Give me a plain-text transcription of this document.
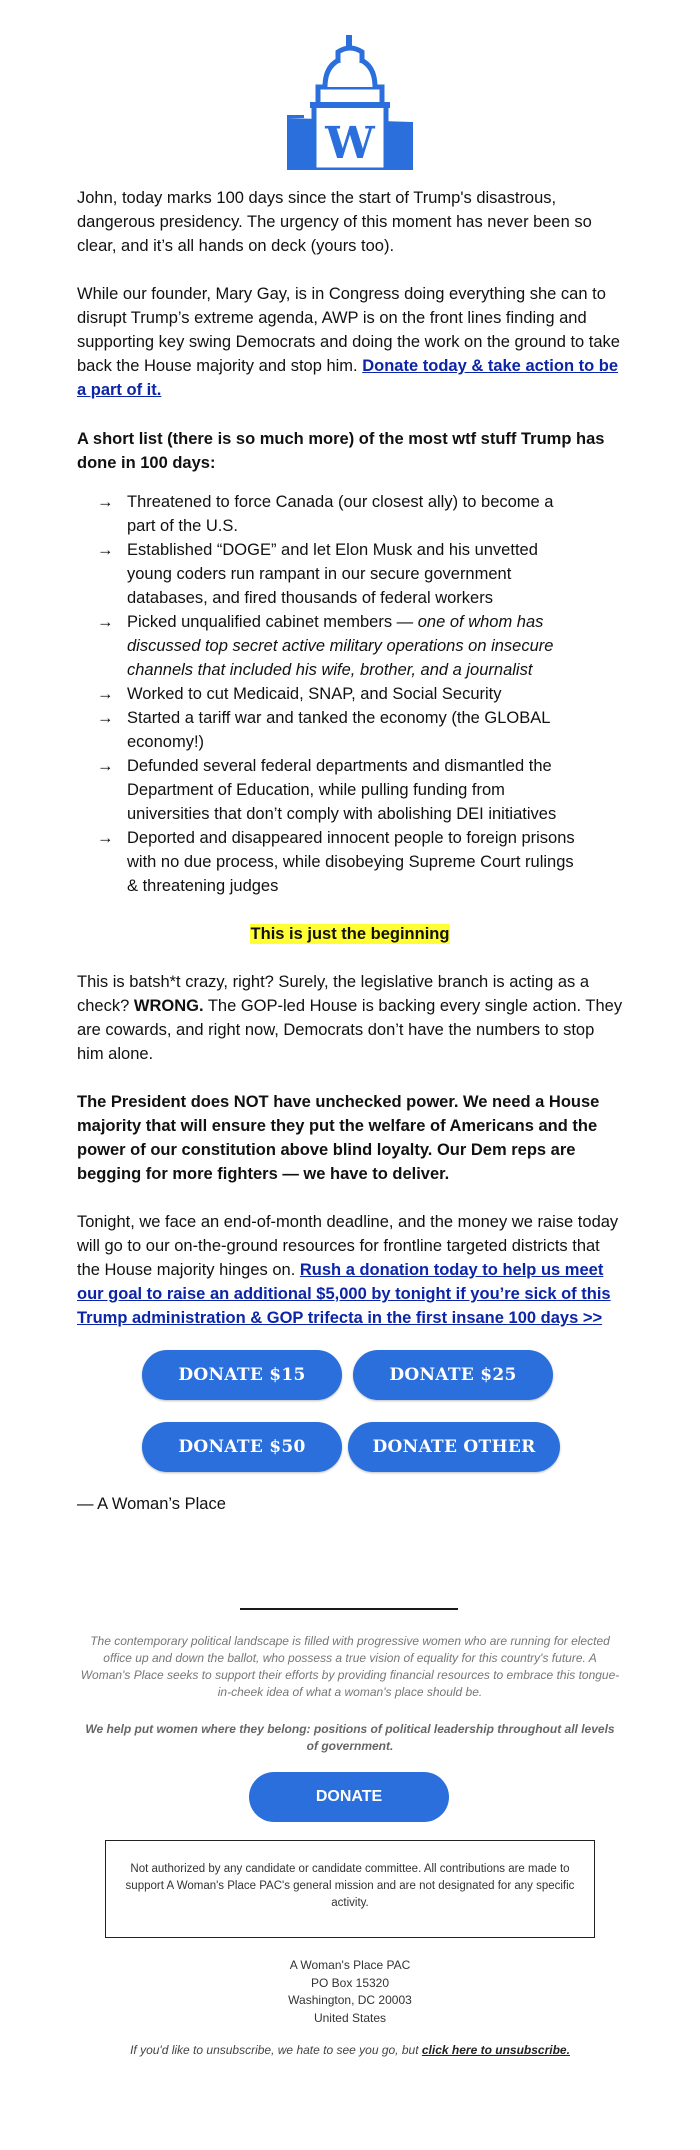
W

John, today marks 100 days since the start of Trump's disastrous, dangerous presidency. The urgency of this moment has never been so clear, and it’s all hands on deck (yours too).

While our founder, Mary Gay, is in Congress doing everything she can to disrupt Trump’s extreme agenda, AWP is on the front lines finding and supporting key swing Democrats and doing the work on the ground to take back the House majority and stop him. Donate today & take action to be a part of it.

A short list (there is so much more) of the most wtf stuff Trump has done in 100 days:

→ Threatened to force Canada (our closest ally) to become a part of the U.S.
→ Established “DOGE” and let Elon Musk and his unvetted young coders run rampant in our secure government databases, and fired thousands of federal workers
→ Picked unqualified cabinet members — one of whom has discussed top secret active military operations on insecure channels that included his wife, brother, and a journalist
→ Worked to cut Medicaid, SNAP, and Social Security
→ Started a tariff war and tanked the economy (the GLOBAL economy!)
→ Defunded several federal departments and dismantled the Department of Education, while pulling funding from universities that don’t comply with abolishing DEI initiatives
→ Deported and disappeared innocent people to foreign prisons with no due process, while disobeying Supreme Court rulings & threatening judges
This is just the beginning

This is batsh*t crazy, right? Surely, the legislative branch is acting as a check? WRONG. The GOP-led House is backing every single action. They are cowards, and right now, Democrats don’t have the numbers to stop him alone.

The President does NOT have unchecked power. We need a House majority that will ensure they put the welfare of Americans and the power of our constitution above blind loyalty. Our Dem reps are begging for more fighters — we have to deliver.

Tonight, we face an end-of-month deadline, and the money we raise today will go to our on-the-ground resources for frontline targeted districts that the House majority hinges on. Rush a donation today to help us meet our goal to raise an additional $5,000 by tonight if you’re sick of this Trump administration & GOP trifecta in the first insane 100 days >>

DONATE $15	DONATE $25
DONATE $50	DONATE OTHER

— A Woman’s Place

The contemporary political landscape is filled with progressive women who are running for elected office up and down the ballot, who possess a true vision of equality for this country's future. A Woman's Place seeks to support their efforts by providing financial resources to embrace this tongue-in-cheek idea of what a woman's place should be.
We help put women where they belong: positions of political leadership throughout all levels of government.
DONATE
Not authorized by any candidate or candidate committee. All contributions are made to support A Woman's Place PAC's general mission and are not designated for any specific activity.
A Woman's Place PAC
PO Box 15320
Washington, DC 20003
United States
If you'd like to unsubscribe, we hate to see you go, but click here to unsubscribe.
